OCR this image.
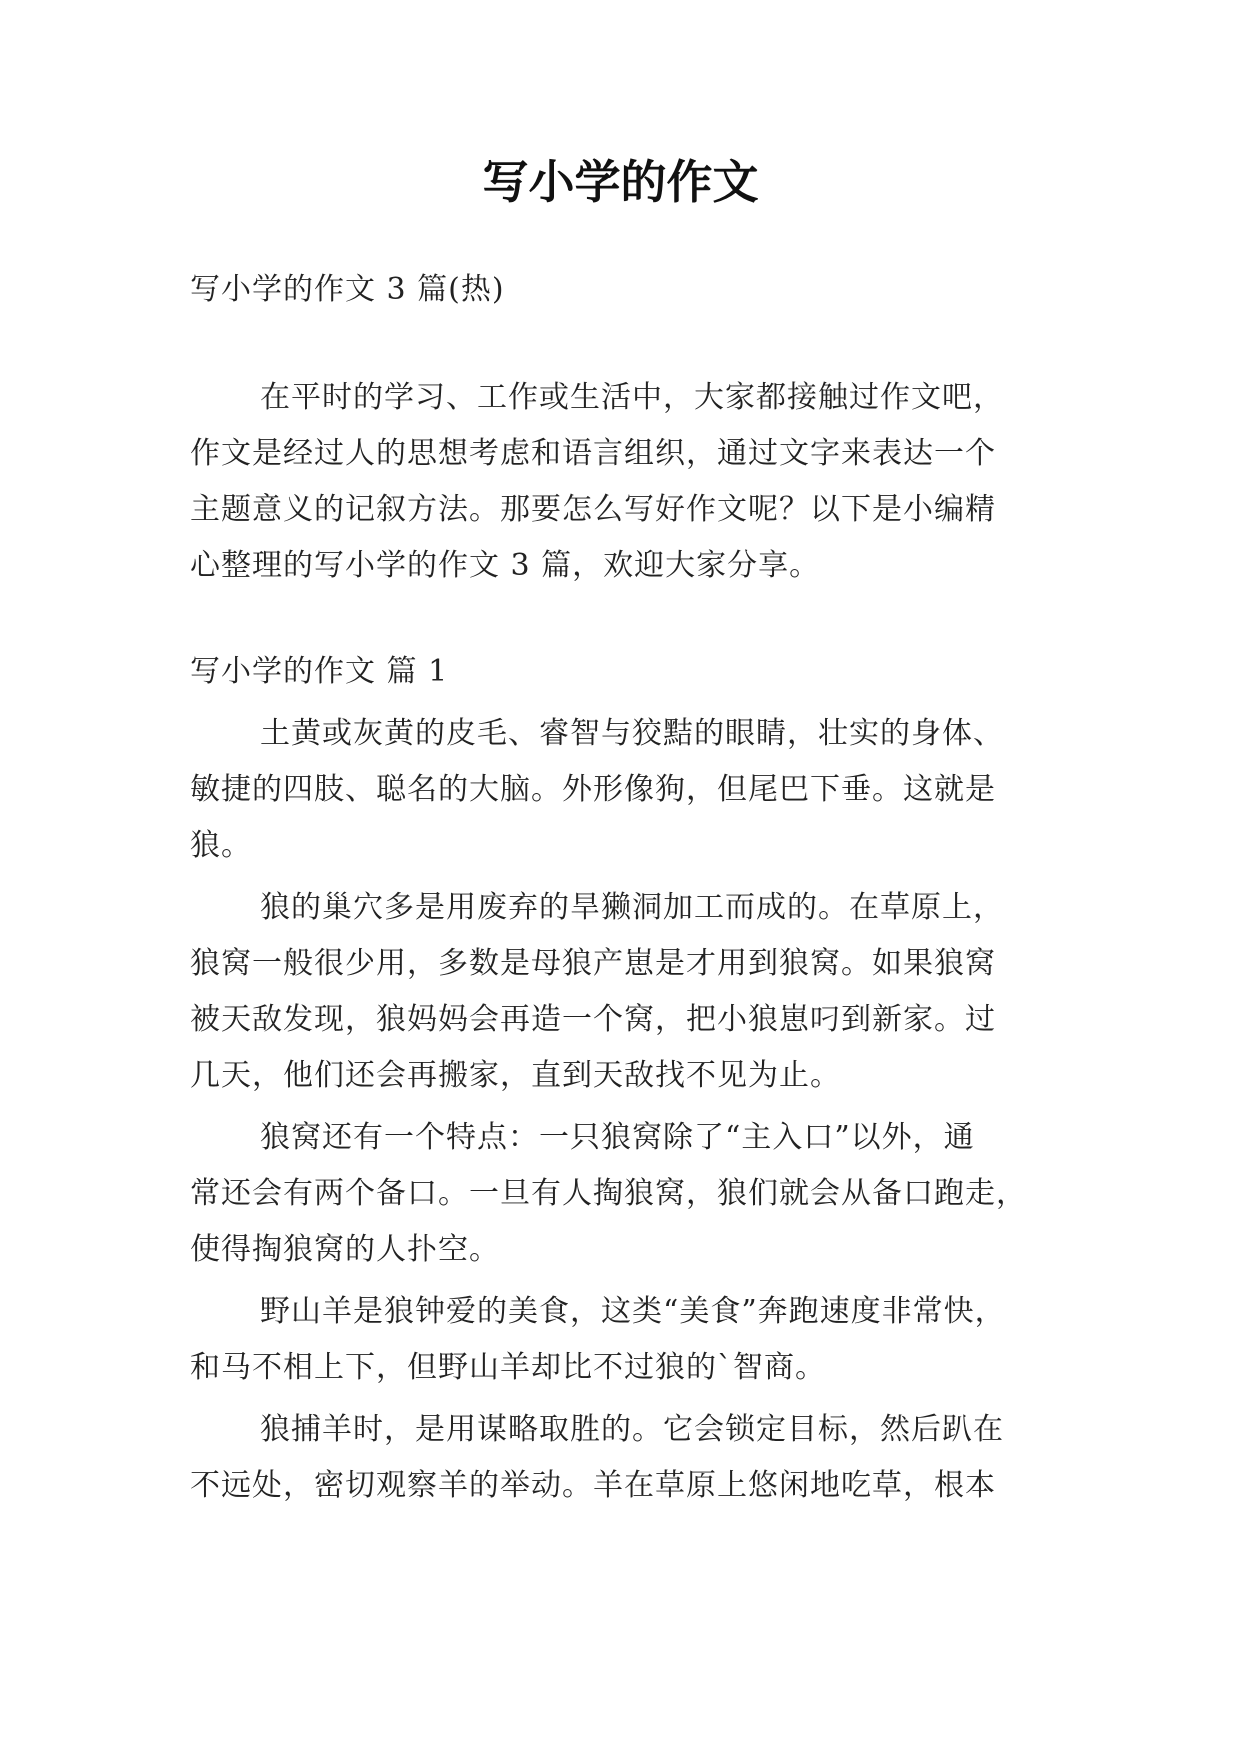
写小学的作文
写小学的作文 3 篇(热)
在平时的学习、工作或生活中，大家都接触过作文吧，
作文是经过人的思想考虑和语言组织，通过文字来表达一个
主题意义的记叙方法。那要怎么写好作文呢？以下是小编精
心整理的写小学的作文 3 篇，欢迎大家分享。
写小学的作文 篇 1
土黄或灰黄的皮毛、睿智与狡黠的眼睛，壮实的身体、
敏捷的四肢、聪名的大脑。外形像狗，但尾巴下垂。这就是
狼。
狼的巢穴多是用废弃的旱獭洞加工而成的。在草原上，
狼窝一般很少用，多数是母狼产崽是才用到狼窝。如果狼窝
被天敌发现，狼妈妈会再造一个窝，把小狼崽叼到新家。过
几天，他们还会再搬家，直到天敌找不见为止。
狼窝还有一个特点：一只狼窝除了“主入口”以外，通
常还会有两个备口。一旦有人掏狼窝，狼们就会从备口跑走，
使得掏狼窝的人扑空。
野山羊是狼钟爱的美食，这类“美食”奔跑速度非常快，
和马不相上下，但野山羊却比不过狼的`智商。
狼捕羊时，是用谋略取胜的。它会锁定目标，然后趴在
不远处，密切观察羊的举动。羊在草原上悠闲地吃草，根本
